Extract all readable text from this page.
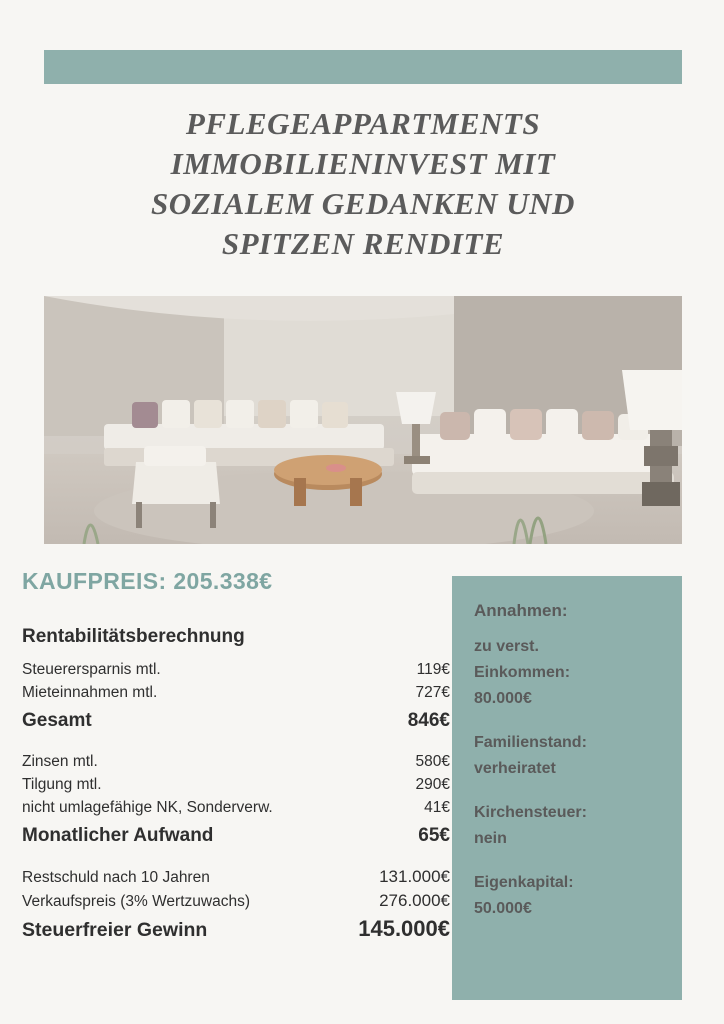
PFLEGEAPPARTMENTS
IMMOBILIENINVEST MIT
SOZIALEM GEDANKEN UND
SPITZEN RENDITE
KAUFPREIS: 205.338€
Rentabilitätsberechnung
Steuerersparnis mtl.	119€
Mieteinnahmen mtl.	727€
Gesamt	846€
Zinsen mtl.	580€
Tilgung mtl.	290€
nicht umlagefähige NK, Sonderverw.	41€
Monatlicher Aufwand	65€
Restschuld nach 10 Jahren	131.000€
Verkaufspreis (3% Wertzuwachs)	276.000€
Steuerfreier Gewinn	145.000€
Annahmen:
zu verst.
Einkommen:
80.000€
Familienstand:
verheiratet
Kirchensteuer:
nein
Eigenkapital:
50.000€
